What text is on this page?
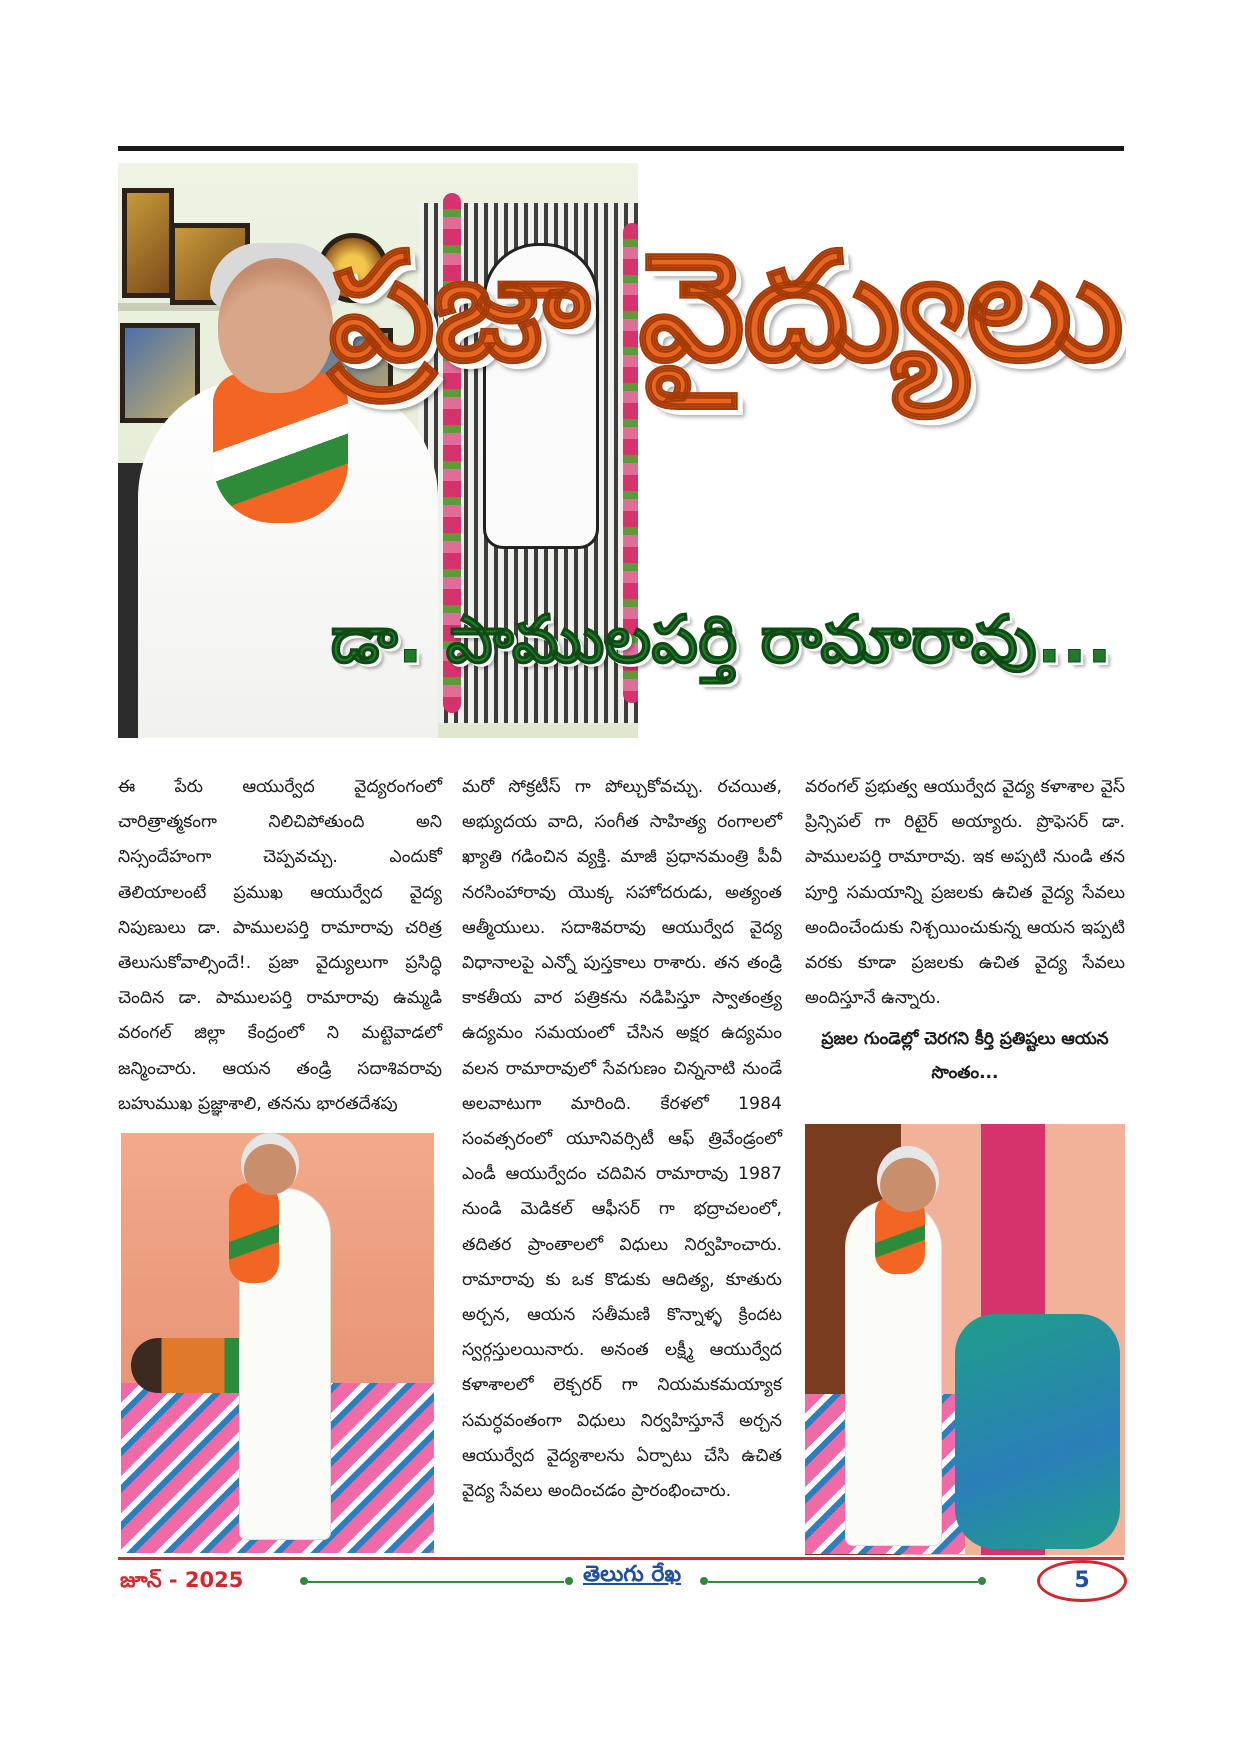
ప్రజా వైద్యులు
డా. పాములపర్తి రామారావు...

ఈ పేరు ఆయుర్వేద వైద్యరంగంలో చారిత్రాత్మకంగా నిలిచిపోతుంది అని నిస్సందేహంగా చెప్పవచ్చు. ఎందుకో తెలియాలంటే ప్రముఖ ఆయుర్వేద వైద్య నిపుణులు డా. పాములపర్తి రామారావు చరిత్ర తెలుసుకోవాల్సిందే!. ప్రజా వైద్యులుగా ప్రసిద్ధి చెందిన డా. పాములపర్తి రామారావు ఉమ్మడి వరంగల్ జిల్లా కేంద్రంలో ని మట్టెవాడలో జన్మించారు. ఆయన తండ్రి సదాశివరావు బహుముఖ ప్రజ్ఞాశాలి, తనను భారతదేశపు

మరో సోక్రటీస్ గా పోల్చుకోవచ్చు. రచయిత, అభ్యుదయ వాది, సంగీత సాహిత్య రంగాలలో ఖ్యాతి గడించిన వ్యక్తి. మాజీ ప్రధానమంత్రి పీవీ నరసింహారావు యొక్క సహోదరుడు, అత్యంత ఆత్మీయులు. సదాశివరావు ఆయుర్వేద వైద్య విధానాలపై ఎన్నో పుస్తకాలు రాశారు. తన తండ్రి కాకతీయ వార పత్రికను నడిపిస్తూ స్వాతంత్ర్య ఉద్యమం సమయంలో చేసిన అక్షర ఉద్యమం వలన రామారావులో సేవగుణం చిన్ననాటి నుండే అలవాటుగా మారింది. కేరళలో 1984 సంవత్సరంలో యూనివర్సిటీ ఆఫ్ త్రివేండ్రంలో ఎండీ ఆయుర్వేదం చదివిన రామారావు 1987 నుండి మెడికల్ ఆఫీసర్ గా భద్రాచలంలో, తదితర ప్రాంతాలలో విధులు నిర్వహించారు. రామారావు కు ఒక కొడుకు ఆదిత్య, కూతురు అర్చన, ఆయన సతీమణి కొన్నాళ్ళ క్రిందట స్వర్గస్తులయినారు. అనంత లక్ష్మీ ఆయుర్వేద కళాశాలలో లెక్చరర్ గా నియమకమయ్యాక సమర్ధవంతంగా విధులు నిర్వహిస్తూనే అర్చన ఆయుర్వేద వైద్యశాలను ఏర్పాటు చేసి ఉచిత వైద్య సేవలు అందించడం ప్రారంభించారు.

వరంగల్ ప్రభుత్వ ఆయుర్వేద వైద్య కళాశాల వైస్ ప్రిన్సిపల్ గా రిటైర్ అయ్యారు. ప్రొఫెసర్ డా. పాములపర్తి రామారావు. ఇక అప్పటి నుండి తన పూర్తి సమయాన్ని ప్రజలకు ఉచిత వైద్య సేవలు అందించేందుకు నిశ్చయించుకున్న ఆయన ఇప్పటి వరకు కూడా ప్రజలకు ఉచిత వైద్య సేవలు అందిస్తూనే ఉన్నారు.

ప్రజల గుండెల్లో చెరగని కీర్తి ప్రతిష్టలు ఆయన సొంతం...

జూన్ - 2025	తెలుగు రేఖ	5
